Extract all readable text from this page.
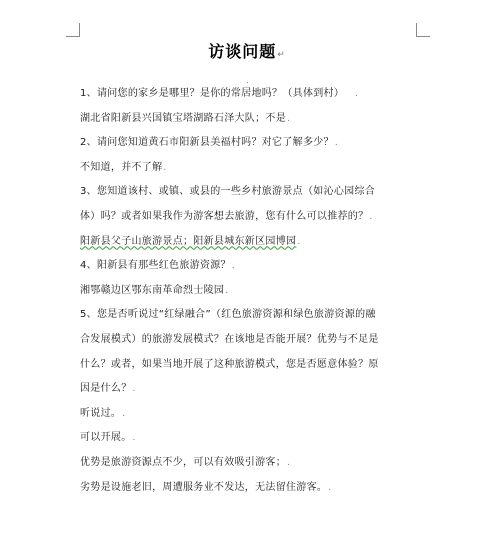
访谈问题↵
.
1、请问您的家乡是哪里？是你的常居地吗？（具体到村） .
湖北省阳新县兴国镇宝塔湖路石泽大队；不是.
2、请问您知道黄石市阳新县美福村吗？对它了解多少？.
不知道，并不了解.
3、您知道该村、或镇、或县的一些乡村旅游景点（如沁心园综合
体）吗？或者如果我作为游客想去旅游，您有什么可以推荐的？.
阳新县父子山旅游景点；阳新县城东新区园博园.
4、阳新县有那些红色旅游资源？.
湘鄂赣边区鄂东南革命烈士陵园.
5、您是否听说过“红绿融合”（红色旅游资源和绿色旅游资源的融
合发展模式）的旅游发展模式？在该地是否能开展？优势与不足是
什么？或者，如果当地开展了这种旅游模式，您是否愿意体验？原
因是什么？.
听说过。.
可以开展。.
优势是旅游资源点不少，可以有效吸引游客；.
劣势是设施老旧，周遭服务业不发达，无法留住游客。.
